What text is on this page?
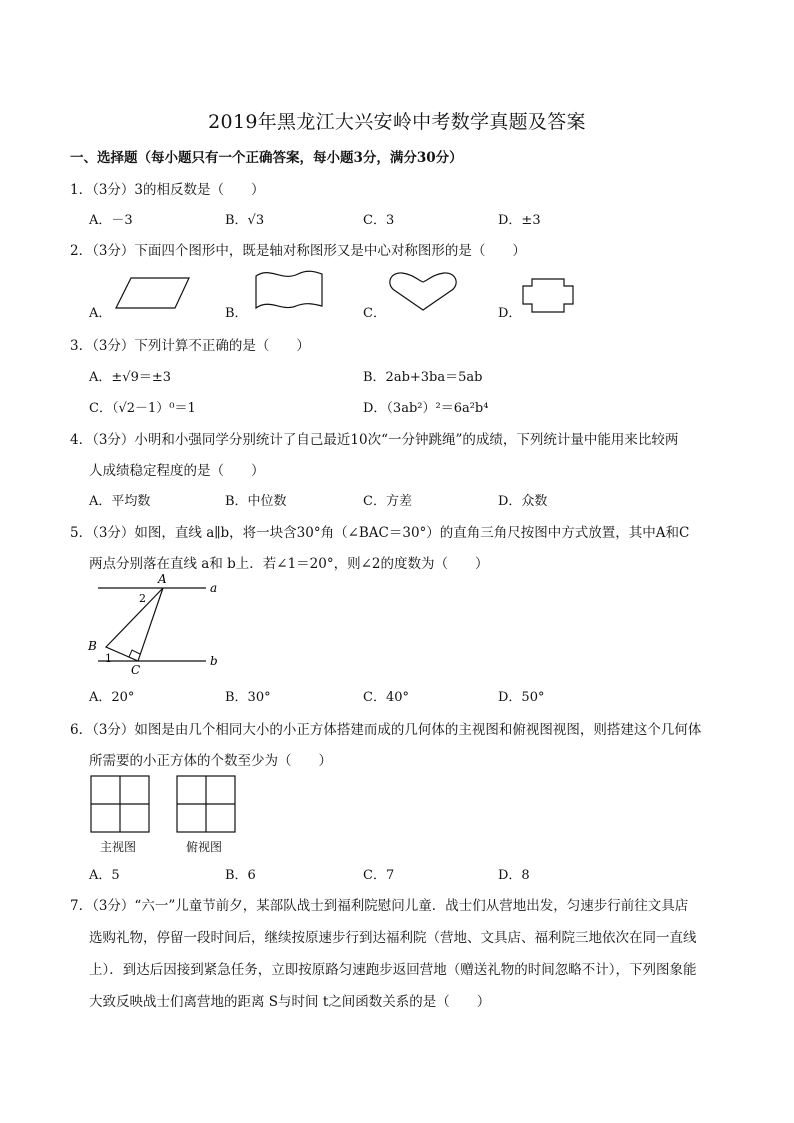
2019年黑龙江大兴安岭中考数学真题及答案
一、选择题（每小题只有一个正确答案，每小题3分，满分30分）
1．（3分）3的相反数是（　　）
A．－3	B．√3	C．3	D．±3
2．（3分）下面四个图形中，既是轴对称图形又是中心对称图形的是（　　）
A．	B．	C．	D．
3．（3分）下列计算不正确的是（　　）
A．±√9＝±3	B．2ab+3ba＝5ab
C．（√2－1）⁰＝1	D．（3ab²）²＝6a²b⁴
4．（3分）小明和小强同学分别统计了自己最近10次“一分钟跳绳”的成绩，下列统计量中能用来比较两
人成绩稳定程度的是（　　）
A．平均数	B．中位数	C．方差	D．众数
5．（3分）如图，直线 a∥b，将一块含30°角（∠BAC＝30°）的直角三角尺按图中方式放置，其中A和C
两点分别落在直线 a和 b上．若∠1＝20°，则∠2的度数为（　　）
A
B
C
a
b
1
2
A．20°	B．30°	C．40°	D．50°
6．（3分）如图是由几个相同大小的小正方体搭建而成的几何体的主视图和俯视图视图，则搭建这个几何体
所需要的小正方体的个数至少为（　　）
主视图	俯视图
A．5	B．6	C．7	D．8
7．（3分）“六一”儿童节前夕，某部队战士到福利院慰问儿童．战士们从营地出发，匀速步行前往文具店
选购礼物，停留一段时间后，继续按原速步行到达福利院（营地、文具店、福利院三地依次在同一直线
上）．到达后因接到紧急任务，立即按原路匀速跑步返回营地（赠送礼物的时间忽略不计），下列图象能
大致反映战士们离营地的距离 S与时间 t之间函数关系的是（　　）
